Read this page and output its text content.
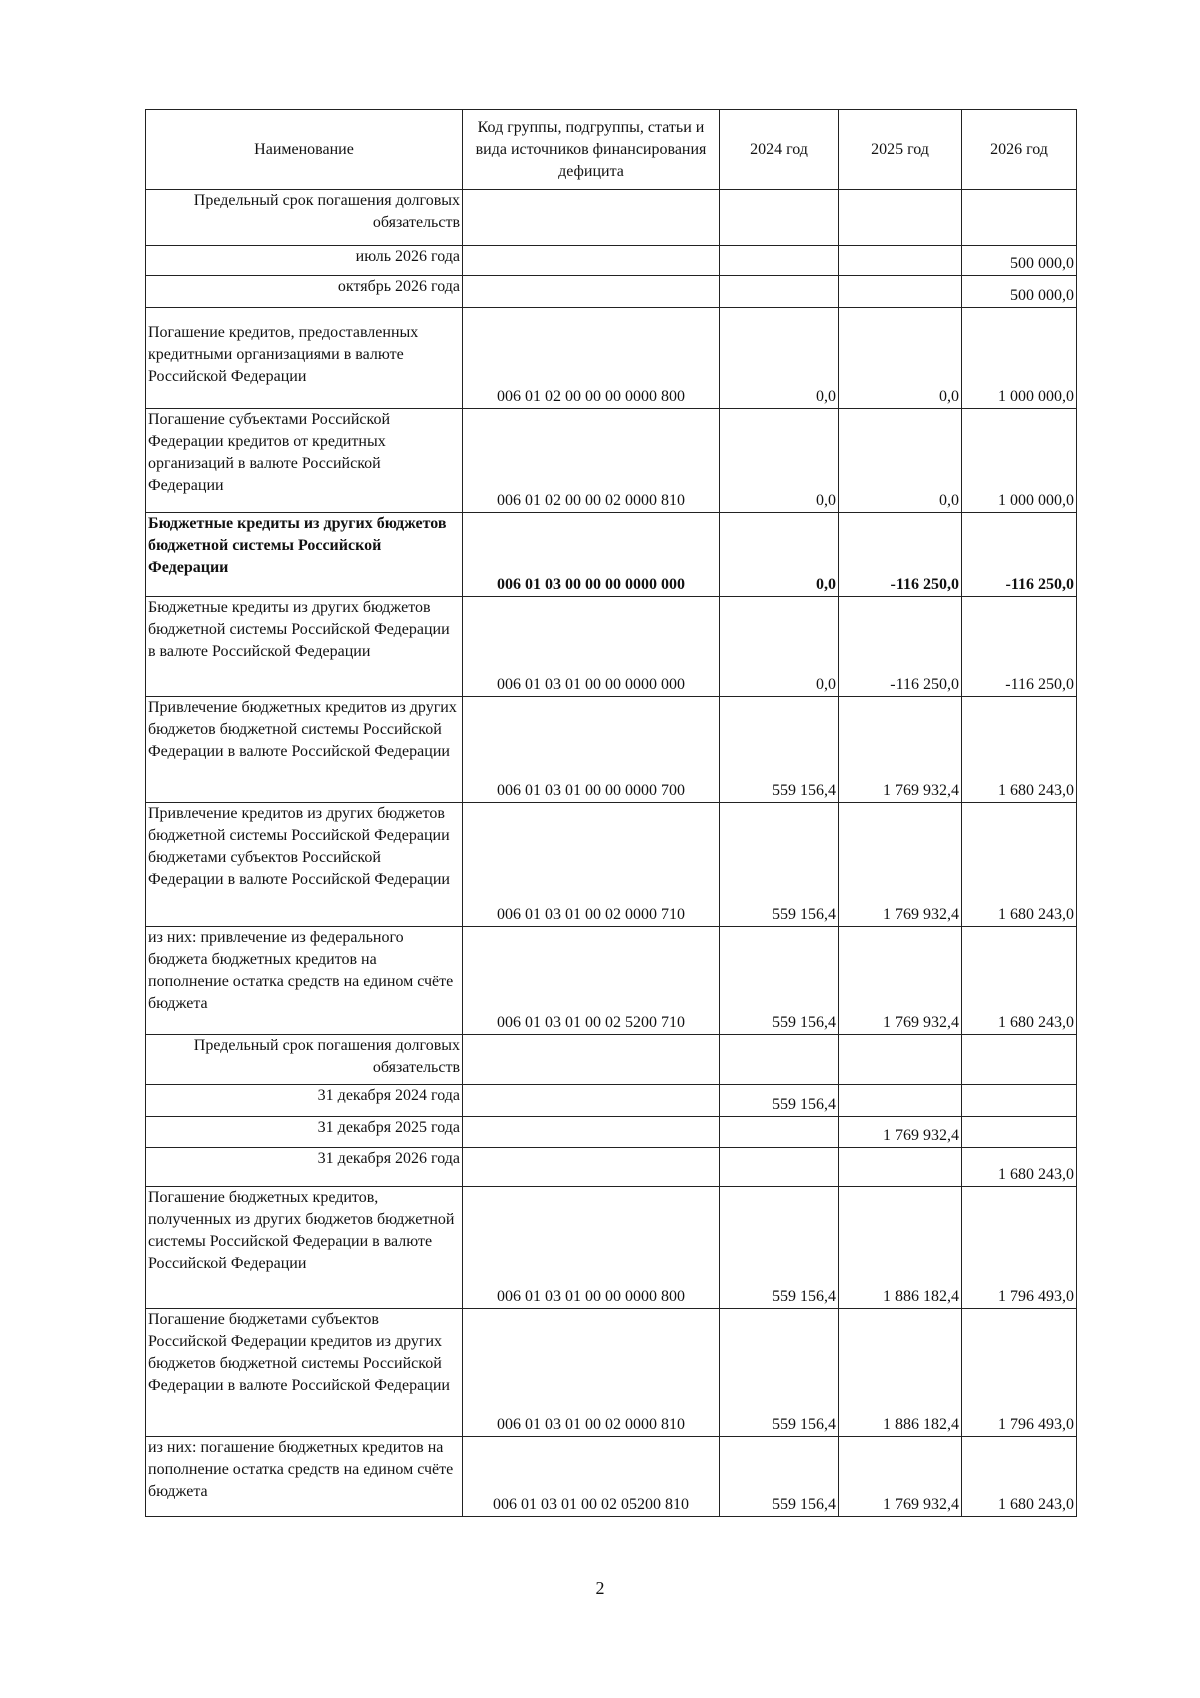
Наименование	Код группы, подгруппы, статьи и вида источников финансирования дефицита	2024 год	2025 год	2026 год
Предельный срок погашения долговых обязательств				
июль 2026 года				500 000,0
октябрь 2026 года				500 000,0
Погашение кредитов, предоставленных кредитными организациями в валюте Российской Федерации	006 01 02 00 00 00 0000 800	0,0	0,0	1 000 000,0
Погашение субъектами Российской Федерации кредитов от кредитных организаций в валюте Российской Федерации	006 01 02 00 00 02 0000 810	0,0	0,0	1 000 000,0
Бюджетные кредиты из других бюджетов бюджетной системы Российской Федерации	006 01 03 00 00 00 0000 000	0,0	-116 250,0	-116 250,0
Бюджетные кредиты из других бюджетов бюджетной системы Российской Федерации в валюте Российской Федерации	006 01 03 01 00 00 0000 000	0,0	-116 250,0	-116 250,0
Привлечение бюджетных кредитов из других бюджетов бюджетной системы Российской Федерации в валюте Российской Федерации	006 01 03 01 00 00 0000 700	559 156,4	1 769 932,4	1 680 243,0
Привлечение кредитов из других бюджетов бюджетной системы Российской Федерации бюджетами субъектов Российской Федерации в валюте Российской Федерации	006 01 03 01 00 02 0000 710	559 156,4	1 769 932,4	1 680 243,0
из них: привлечение из федерального бюджета бюджетных кредитов на пополнение остатка средств на едином счёте бюджета	006 01 03 01 00 02 5200 710	559 156,4	1 769 932,4	1 680 243,0
Предельный срок погашения долговых обязательств				
31 декабря 2024 года		559 156,4		
31 декабря 2025 года			1 769 932,4	
31 декабря 2026 года				1 680 243,0
Погашение бюджетных кредитов, полученных из других бюджетов бюджетной системы Российской Федерации в валюте Российской Федерации	006 01 03 01 00 00 0000 800	559 156,4	1 886 182,4	1 796 493,0
Погашение бюджетами субъектов Российской Федерации кредитов из других бюджетов бюджетной системы Российской Федерации в валюте Российской Федерации	006 01 03 01 00 02 0000 810	559 156,4	1 886 182,4	1 796 493,0
из них: погашение бюджетных кредитов на пополнение остатка средств на едином счёте бюджета	006 01 03 01 00 02 05200 810	559 156,4	1 769 932,4	1 680 243,0
2
